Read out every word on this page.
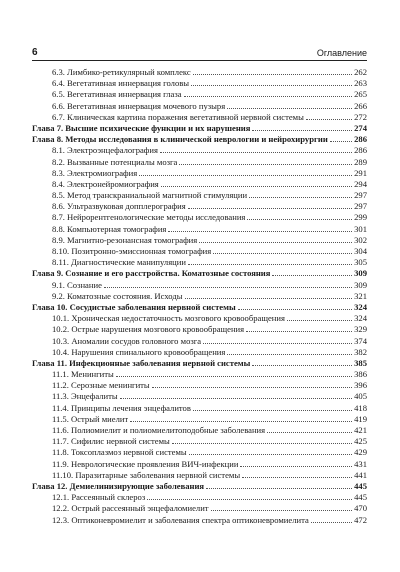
6	Оглавление
6.3. Лимбико-ретикулярный комплекс	262
6.4. Вегетативная иннервация головы	263
6.5. Вегетативная иннервация глаза	265
6.6. Вегетативная иннервация мочевого пузыря	266
6.7. Клиническая картина поражения вегетативной нервной системы	272
Глава 7. Высшие психические функции и их нарушения	274
Глава 8. Методы исследования в клинической неврологии и нейрохирургии	286
8.1. Электроэнцефалография	286
8.2. Вызванные потенциалы мозга	289
8.3. Электромиография	291
8.4. Электронейромиография	294
8.5. Метод транскраниальной магнитной стимуляции	297
8.6. Ультразвуковая допплерография	297
8.7. Нейрорентгенологические методы исследования	299
8.8. Компьютерная томография	301
8.9. Магнитно-резонансная томография	302
8.10. Позитронно-эмиссионная томография	304
8.11. Диагностические манипуляции	305
Глава 9. Сознание и его расстройства. Коматозные состояния	309
9.1. Сознание	309
9.2. Коматозные состояния. Исходы	321
Глава 10. Сосудистые заболевания нервной системы	324
10.1. Хроническая недостаточность мозгового кровообращения	324
10.2. Острые нарушения мозгового кровообращения	329
10.3. Аномалии сосудов головного мозга	374
10.4. Нарушения спинального кровообращения	382
Глава 11. Инфекционные заболевания нервной системы	385
11.1. Менингиты	386
11.2. Серозные менингиты	396
11.3. Энцефалиты	405
11.4. Принципы лечения энцефалитов	418
11.5. Острый миелит	419
11.6. Полиомиелит и полиомиелитоподобные заболевания	421
11.7. Сифилис нервной системы	425
11.8. Токсоплазмоз нервной системы	429
11.9. Неврологические проявления ВИЧ-инфекции	431
11.10. Паразитарные заболевания нервной системы	441
Глава 12. Демиелинизирующие заболевания	445
12.1. Рассеянный склероз	445
12.2. Острый рассеянный энцефаломиелит	470
12.3. Оптиконевромиелит и заболевания спектра оптиконевромиелита	472
